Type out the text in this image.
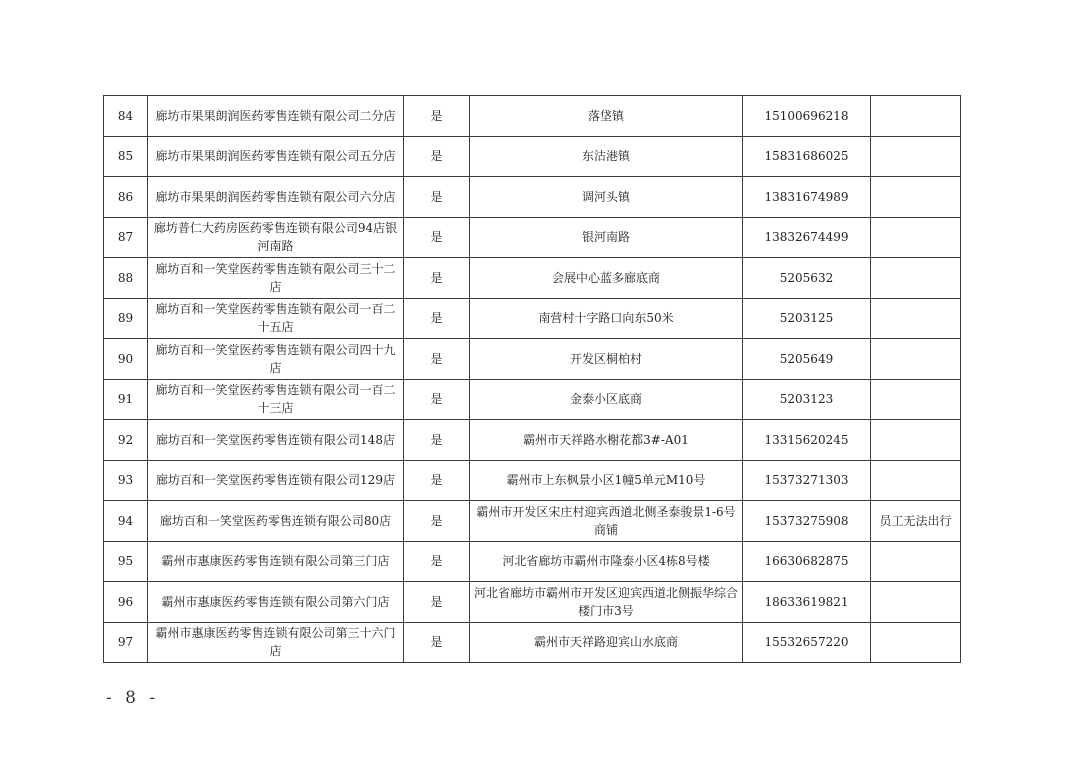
84	廊坊市果果朗润医药零售连锁有限公司二分店	是	落垡镇	15100696218	
85	廊坊市果果朗润医药零售连锁有限公司五分店	是	东沽港镇	15831686025	
86	廊坊市果果朗润医药零售连锁有限公司六分店	是	调河头镇	13831674989	
87	廊坊普仁大药房医药零售连锁有限公司94店银河南路	是	银河南路	13832674499	
88	廊坊百和一笑堂医药零售连锁有限公司三十二店	是	会展中心蓝多廊底商	5205632	
89	廊坊百和一笑堂医药零售连锁有限公司一百二十五店	是	南营村十字路口向东50米	5203125	
90	廊坊百和一笑堂医药零售连锁有限公司四十九店	是	开发区桐柏村	5205649	
91	廊坊百和一笑堂医药零售连锁有限公司一百二十三店	是	金泰小区底商	5203123	
92	廊坊百和一笑堂医药零售连锁有限公司148店	是	霸州市天祥路水榭花都3#-A01	13315620245	
93	廊坊百和一笑堂医药零售连锁有限公司129店	是	霸州市上东枫景小区1幢5单元M10号	15373271303	
94	廊坊百和一笑堂医药零售连锁有限公司80店	是	霸州市开发区宋庄村迎宾西道北侧圣泰骏景1-6号商铺	15373275908	员工无法出行
95	霸州市惠康医药零售连锁有限公司第三门店	是	河北省廊坊市霸州市隆泰小区4栋8号楼	16630682875	
96	霸州市惠康医药零售连锁有限公司第六门店	是	河北省廊坊市霸州市开发区迎宾西道北侧振华综合楼门市3号	18633619821	
97	霸州市惠康医药零售连锁有限公司第三十六门店	是	霸州市天祥路迎宾山水底商	15532657220	
- 8 -
